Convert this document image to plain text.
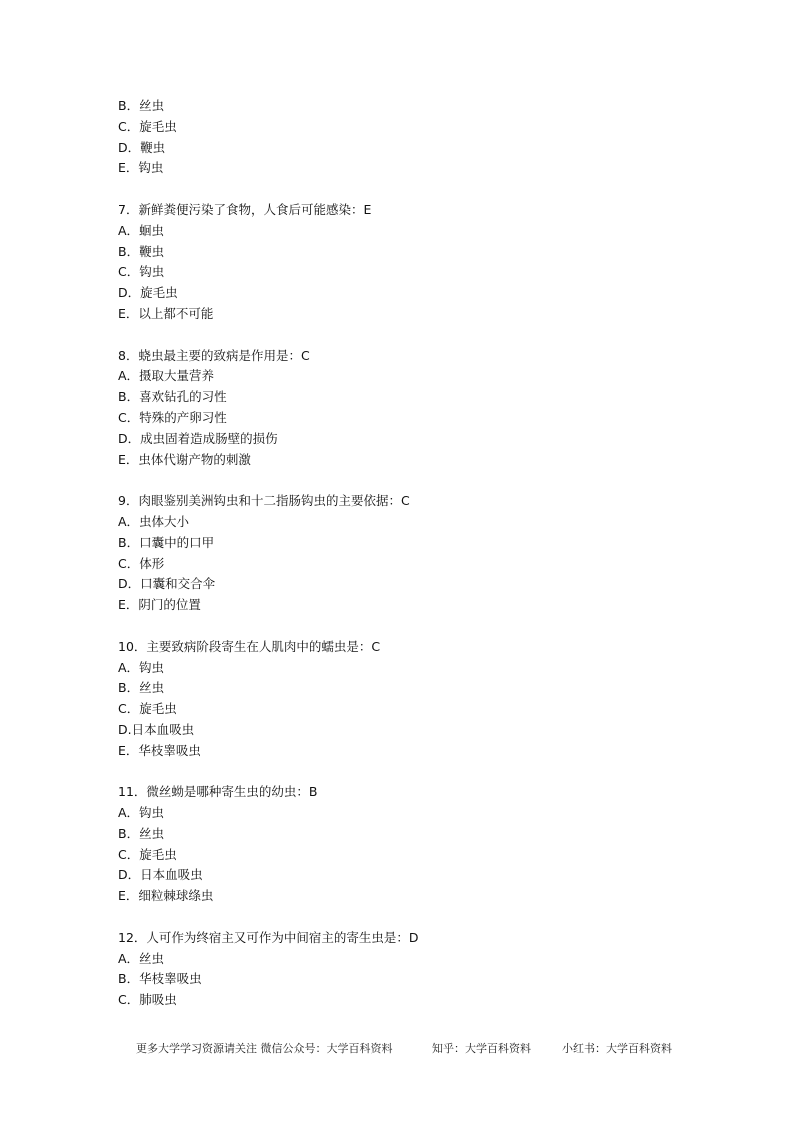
B．丝虫
C．旋毛虫
D．鞭虫
E．钩虫
7．新鲜粪便污染了食物，人食后可能感染：E
A．蛔虫
B．鞭虫
C．钩虫
D．旋毛虫
E．以上都不可能
8．蛲虫最主要的致病是作用是：C
A．摄取大量营养
B．喜欢钻孔的习性
C．特殊的产卵习性
D．成虫固着造成肠壁的损伤
E．虫体代谢产物的刺激
9．肉眼鉴别美洲钩虫和十二指肠钩虫的主要依据：C
A．虫体大小
B．口囊中的口甲
C．体形
D．口囊和交合伞
E．阴门的位置
10．主要致病阶段寄生在人肌肉中的蠕虫是：C
A．钩虫
B．丝虫
C．旋毛虫
D.日本血吸虫
E．华枝睾吸虫
11．微丝蚴是哪种寄生虫的幼虫：B
A．钩虫
B．丝虫
C．旋毛虫
D．日本血吸虫
E．细粒棘球绦虫
12．人可作为终宿主又可作为中间宿主的寄生虫是：D
A．丝虫
B．华枝睾吸虫
C．肺吸虫
更多大学学习资源请关注 微信公众号：大学百科资料	知乎：大学百科资料	小红书：大学百科资料
